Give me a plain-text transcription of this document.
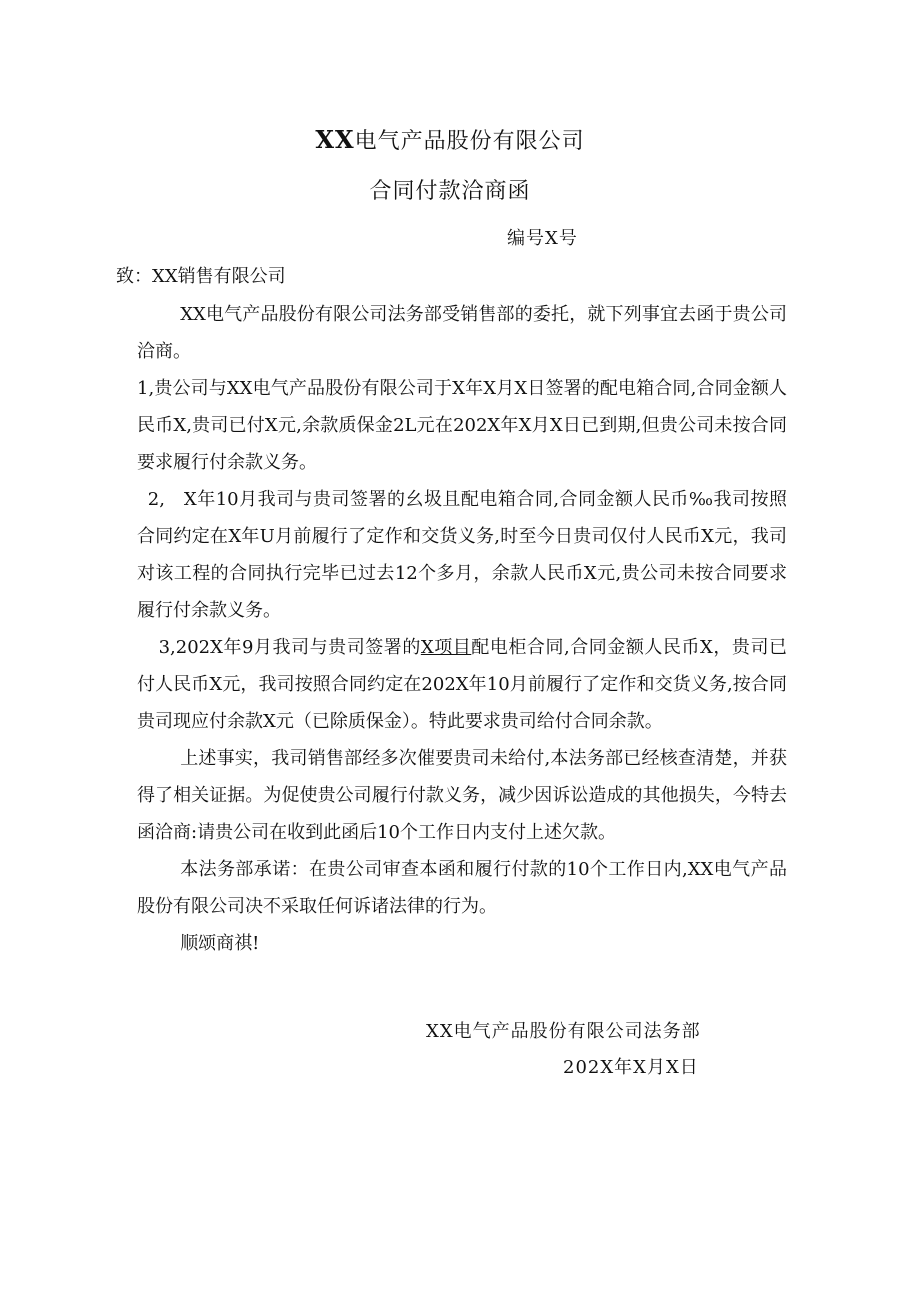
XX电气产品股份有限公司
合同付款洽商函
编号X号
致：XX销售有限公司

XX电气产品股份有限公司法务部受销售部的委托，就下列事宜去函于贵公司洽商。

1,贵公司与XX电气产品股份有限公司于X年X月X日签署的配电箱合同,合同金额人民币X,贵司已付X元,余款质保金2L元在202X年X月X日已到期,但贵公司未按合同要求履行付余款义务。

2,　X年10月我司与贵司签署的幺圾且配电箱合同,合同金额人民币‰我司按照合同约定在X年U月前履行了定作和交货义务,时至今日贵司仅付人民币X元，我司对该工程的合同执行完毕已过去12个多月，余款人民币X元,贵公司未按合同要求履行付余款义务。

3,202X年9月我司与贵司签署的X项目配电柜合同,合同金额人民币X，贵司已付人民币X元，我司按照合同约定在202X年10月前履行了定作和交货义务,按合同贵司现应付余款X元（已除质保金）。特此要求贵司给付合同余款。

上述事实，我司销售部经多次催要贵司未给付,本法务部已经核查清楚，并获得了相关证据。为促使贵公司履行付款义务，减少因诉讼造成的其他损失，今特去函洽商:请贵公司在收到此函后10个工作日内支付上述欠款。

本法务部承诺：在贵公司审查本函和履行付款的10个工作日内,XX电气产品股份有限公司决不采取任何诉诸法律的行为。

顺颂商祺!

XX电气产品股份有限公司法务部
202X年X月X日
